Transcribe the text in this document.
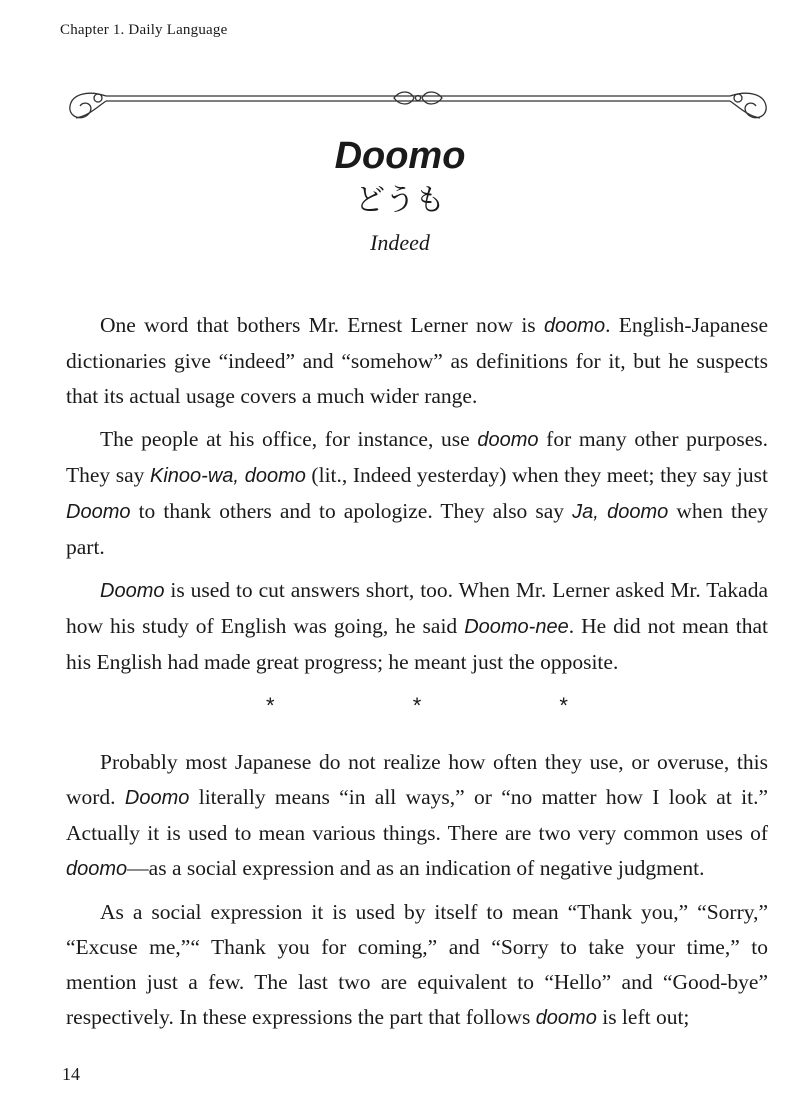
Chapter 1. Daily Language
Doomo
どうも
Indeed

One word that bothers Mr. Ernest Lerner now is doomo. English-Japanese dictionaries give “indeed” and “somehow” as definitions for it, but he suspects that its actual usage covers a much wider range.

The people at his office, for instance, use doomo for many other purposes. They say Kinoo-wa, doomo (lit., Indeed yesterday) when they meet; they say just Doomo to thank others and to apologize. They also say Ja, doomo when they part.

Doomo is used to cut answers short, too. When Mr. Lerner asked Mr. Takada how his study of English was going, he said Doomo-nee. He did not mean that his English had made great progress; he meant just the opposite.

*	*	*

Probably most Japanese do not realize how often they use, or overuse, this word. Doomo literally means “in all ways,” or “no matter how I look at it.” Actually it is used to mean various things. There are two very common uses of doomo—as a social expression and as an indication of negative judgment.

As a social expression it is used by itself to mean “Thank you,” “Sorry,” “Excuse me,”“ Thank you for coming,” and “Sorry to take your time,” to mention just a few. The last two are equivalent to “Hello” and “Good-bye” respectively. In these expressions the part that follows doomo is left out;

14
